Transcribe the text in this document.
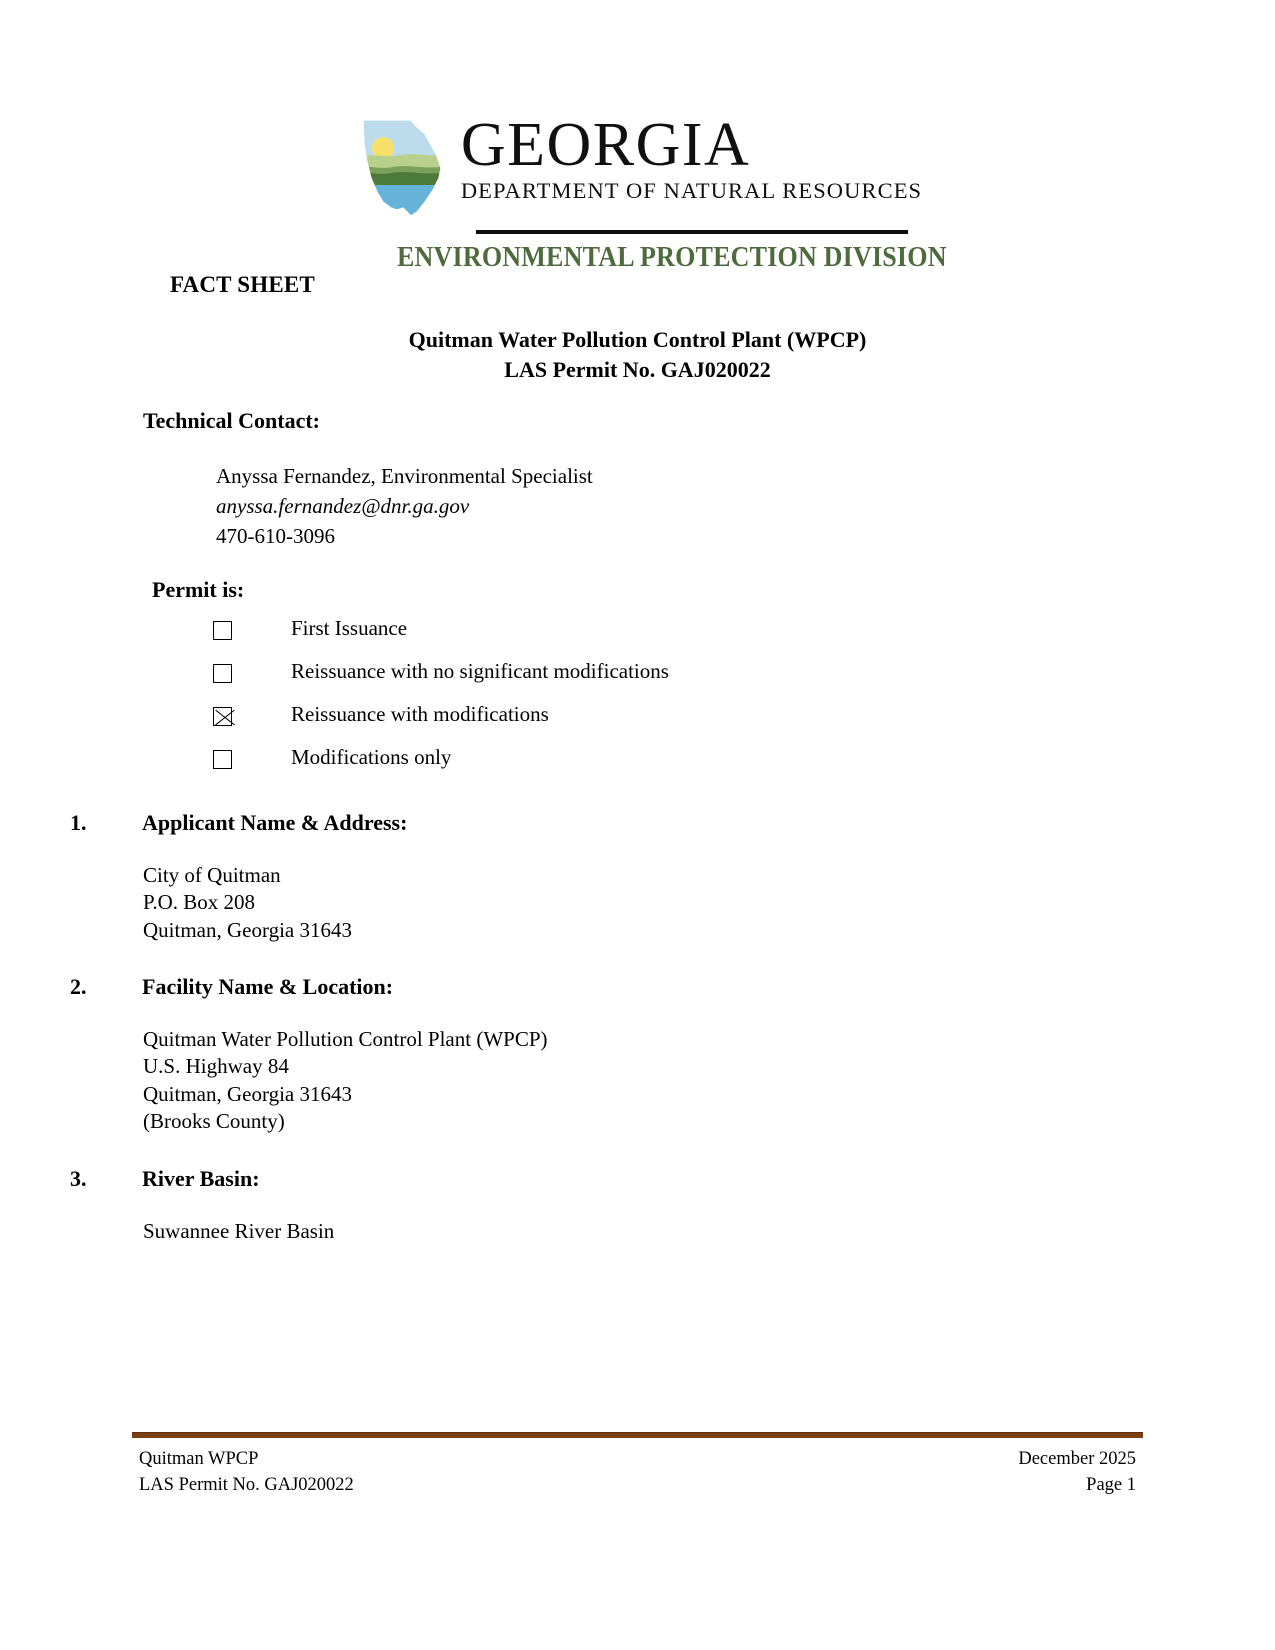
GEORGIA
DEPARTMENT OF NATURAL RESOURCES
ENVIRONMENTAL PROTECTION DIVISION
FACT SHEET
Quitman Water Pollution Control Plant (WPCP)
LAS Permit No. GAJ020022
Technical Contact:
Anyssa Fernandez, Environmental Specialist
anyssa.fernandez@dnr.ga.gov
470-610-3096
Permit is:
First Issuance
Reissuance with no significant modifications
Reissuance with modifications
Modifications only
1.	Applicant Name & Address:
City of Quitman
P.O. Box 208
Quitman, Georgia 31643
2.	Facility Name & Location:
Quitman Water Pollution Control Plant (WPCP)
U.S. Highway 84
Quitman, Georgia 31643
(Brooks County)
3.	River Basin:
Suwannee River Basin
Quitman WPCP
LAS Permit No. GAJ020022
December 2025
Page 1
